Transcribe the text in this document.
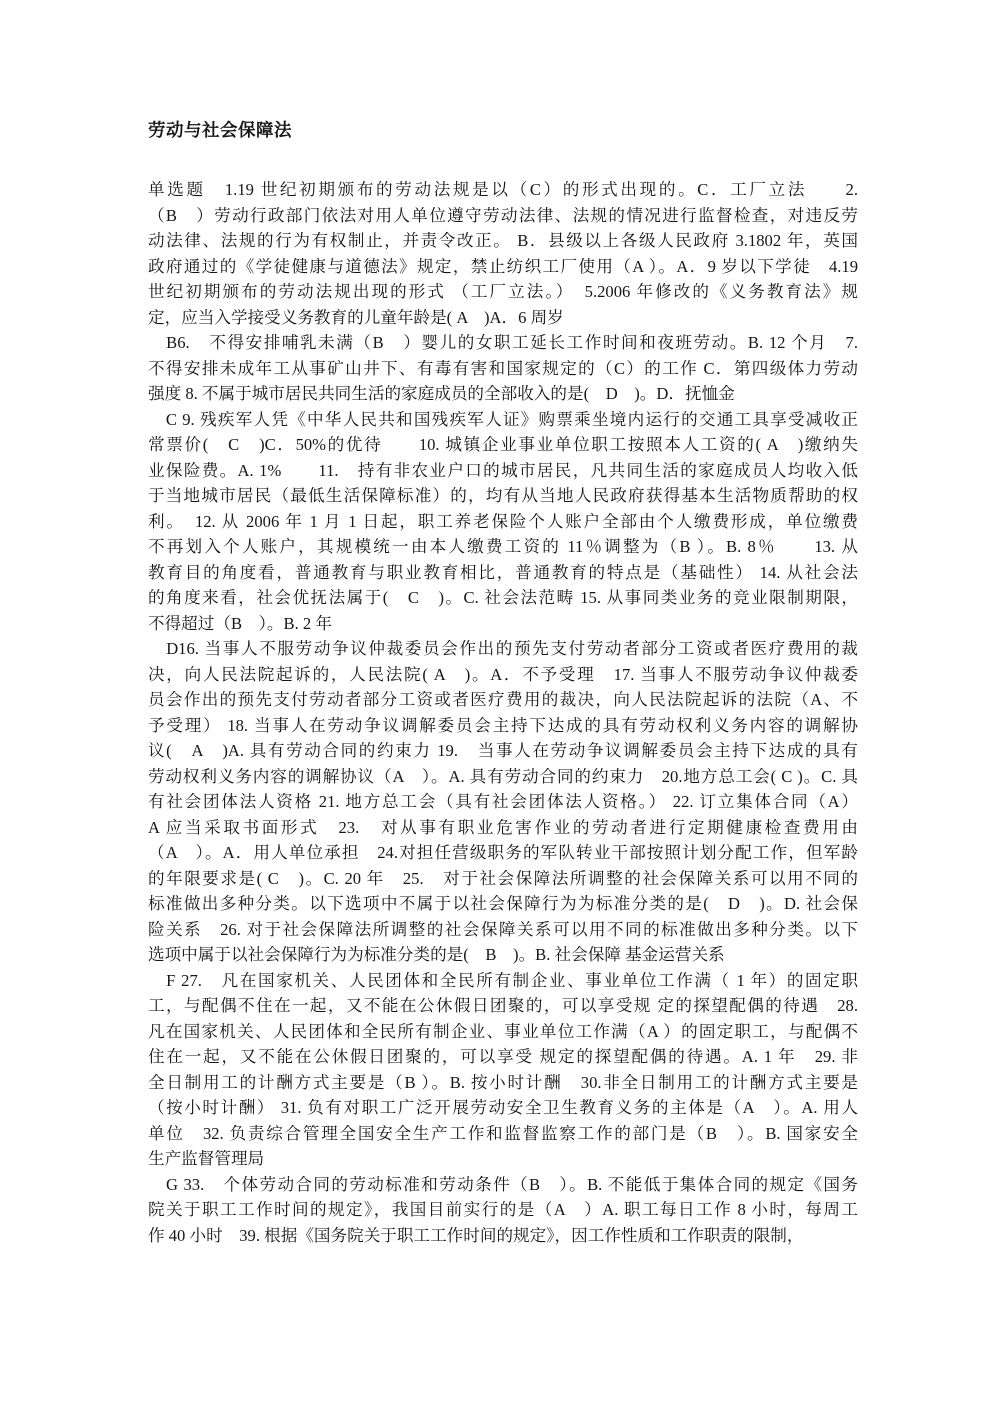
劳动与社会保障法
单选题　1.19 世纪初期颁布的劳动法规是以（C）的形式出现的。C．工厂立法　　2.
（B　）劳动行政部门依法对用人单位遵守劳动法律、法规的情况进行监督检查，对违反劳
动法律、法规的行为有权制止，并责令改正。 B．县级以上各级人民政府 3.1802 年，英国
政府通过的《学徒健康与道德法》规定，禁止纺织工厂使用（A ）。A．9 岁以下学徒　4.19
世纪初期颁布的劳动法规出现的形式 （工厂立法。）　5.2006 年修改的《义务教育法》规
定，应当入学接受义务教育的儿童年龄是( A　)A．6 周岁
　B6.　不得安排哺乳未满（B　）婴儿的女职工延长工作时间和夜班劳动。B. 12 个月　7.
不得安排未成年工从事矿山井下、有毒有害和国家规定的（C）的工作 C．第四级体力劳动
强度 8. 不属于城市居民共同生活的家庭成员的全部收入的是(　D　)。D．抚恤金
　C 9. 残疾军人凭《中华人民共和国残疾军人证》购票乘坐境内运行的交通工具享受减收正
常票价(　C　)C．50%的优待　　10. 城镇企业事业单位职工按照本人工资的( A　)缴纳失
业保险费。A. 1%　　11.　持有非农业户口的城市居民，凡共同生活的家庭成员人均收入低
于当地城市居民（最低生活保障标准）的，均有从当地人民政府获得基本生活物质帮助的权
利。　12. 从 2006 年 1 月 1 日起，职工养老保险个人账户全部由个人缴费形成，单位缴费
不再划入个人账户，其规模统一由本人缴费工资的 11％调整为（B ）。B. 8％　　13. 从
教育目的角度看，普通教育与职业教育相比，普通教育的特点是（基础性） 14. 从社会法
的角度来看，社会优抚法属于(　C　)。C. 社会法范畴 15. 从事同类业务的竞业限制期限，
不得超过（B　）。B. 2 年
　D16. 当事人不服劳动争议仲裁委员会作出的预先支付劳动者部分工资或者医疗费用的裁
决，向人民法院起诉的，人民法院( A　)。A．不予受理　17. 当事人不服劳动争议仲裁委
员会作出的预先支付劳动者部分工资或者医疗费用的裁决，向人民法院起诉的法院（A、不
予受理） 18. 当事人在劳动争议调解委员会主持下达成的具有劳动权利义务内容的调解协
议(　A　)A. 具有劳动合同的约束力 19.　当事人在劳动争议调解委员会主持下达成的具有
劳动权利义务内容的调解协议（A　）。A. 具有劳动合同的约束力　20.地方总工会( C )。C. 具
有社会团体法人资格 21. 地方总工会（具有社会团体法人资格。） 22. 订立集体合同（A）
A 应当采取书面形式　23.　对从事有职业危害作业的劳动者进行定期健康检查费用由
（A　）。A．用人单位承担　24.对担任营级职务的军队转业干部按照计划分配工作，但军龄
的年限要求是( C　)。C. 20 年　25.　对于社会保障法所调整的社会保障关系可以用不同的
标准做出多种分类。以下选项中不属于以社会保障行为为标准分类的是(　D　)。D. 社会保
险关系　26. 对于社会保障法所调整的社会保障关系可以用不同的标准做出多种分类。以下
选项中属于以社会保障行为为标准分类的是(　B　)。B. 社会保障 基金运营关系
　F 27.　凡在国家机关、人民团体和全民所有制企业、事业单位工作满（ 1 年）的固定职
工，与配偶不住在一起，又不能在公休假日团聚的，可以享受规 定的探望配偶的待遇　28.
凡在国家机关、人民团体和全民所有制企业、事业单位工作满（A ）的固定职工，与配偶不
住在一起，又不能在公休假日团聚的，可以享受 规定的探望配偶的待遇。A. 1 年　29. 非
全日制用工的计酬方式主要是（B ）。B. 按小时计酬　30.非全日制用工的计酬方式主要是
（按小时计酬） 31. 负有对职工广泛开展劳动安全卫生教育义务的主体是（A　）。A. 用人
单位　32. 负责综合管理全国安全生产工作和监督监察工作的部门是（B　）。B. 国家安全
生产监督管理局
　G 33.　个体劳动合同的劳动标准和劳动条件（B　）。B. 不能低于集体合同的规定《国务
院关于职工工作时间的规定》，我国目前实行的是（A　）A. 职工每日工作 8 小时，每周工
作 40 小时　39. 根据《国务院关于职工工作时间的规定》，因工作性质和工作职责的限制，
